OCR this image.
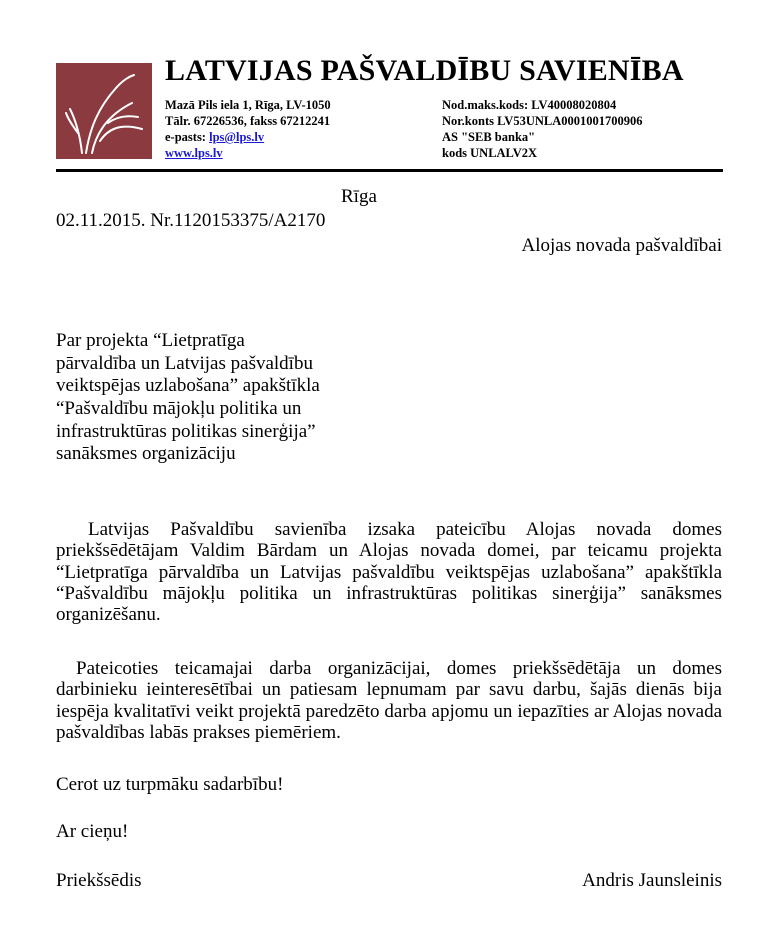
LATVIJAS PAŠVALDĪBU SAVIENĪBA
Mazā Pils iela 1, Rīga, LV-1050
Tālr. 67226536, fakss 67212241
e-pasts: lps@lps.lv
www.lps.lv
Nod.maks.kods: LV40008020804
Nor.konts LV53UNLA0001001700906
AS "SEB banka"
kods UNLALV2X
Rīga
02.11.2015. Nr.1120153375/A2170
Alojas novada pašvaldībai
Par projekta “Lietpratīga
pārvaldība un Latvijas pašvaldību
veiktspējas uzlabošana” apakštīkla
“Pašvaldību mājokļu politika un
infrastruktūras politikas sinerģija”
sanāksmes organizāciju
Latvijas Pašvaldību savienība izsaka pateicību Alojas novada domes priekšsēdētājam Valdim Bārdam un Alojas novada domei, par teicamu projekta “Lietpratīga pārvaldība un Latvijas pašvaldību veiktspējas uzlabošana” apakštīkla “Pašvaldību mājokļu politika un infrastruktūras politikas sinerģija” sanāksmes organizēšanu.
Pateicoties teicamajai darba organizācijai, domes priekšsēdētāja un domes darbinieku ieinteresētībai un patiesam lepnumam par savu darbu, šajās dienās bija iespēja kvalitatīvi veikt projektā paredzēto darba apjomu un iepazīties ar Alojas novada pašvaldības labās prakses piemēriem.
Cerot uz turpmāku sadarbību!
Ar cieņu!
Priekšsēdis	Andris Jaunsleinis
